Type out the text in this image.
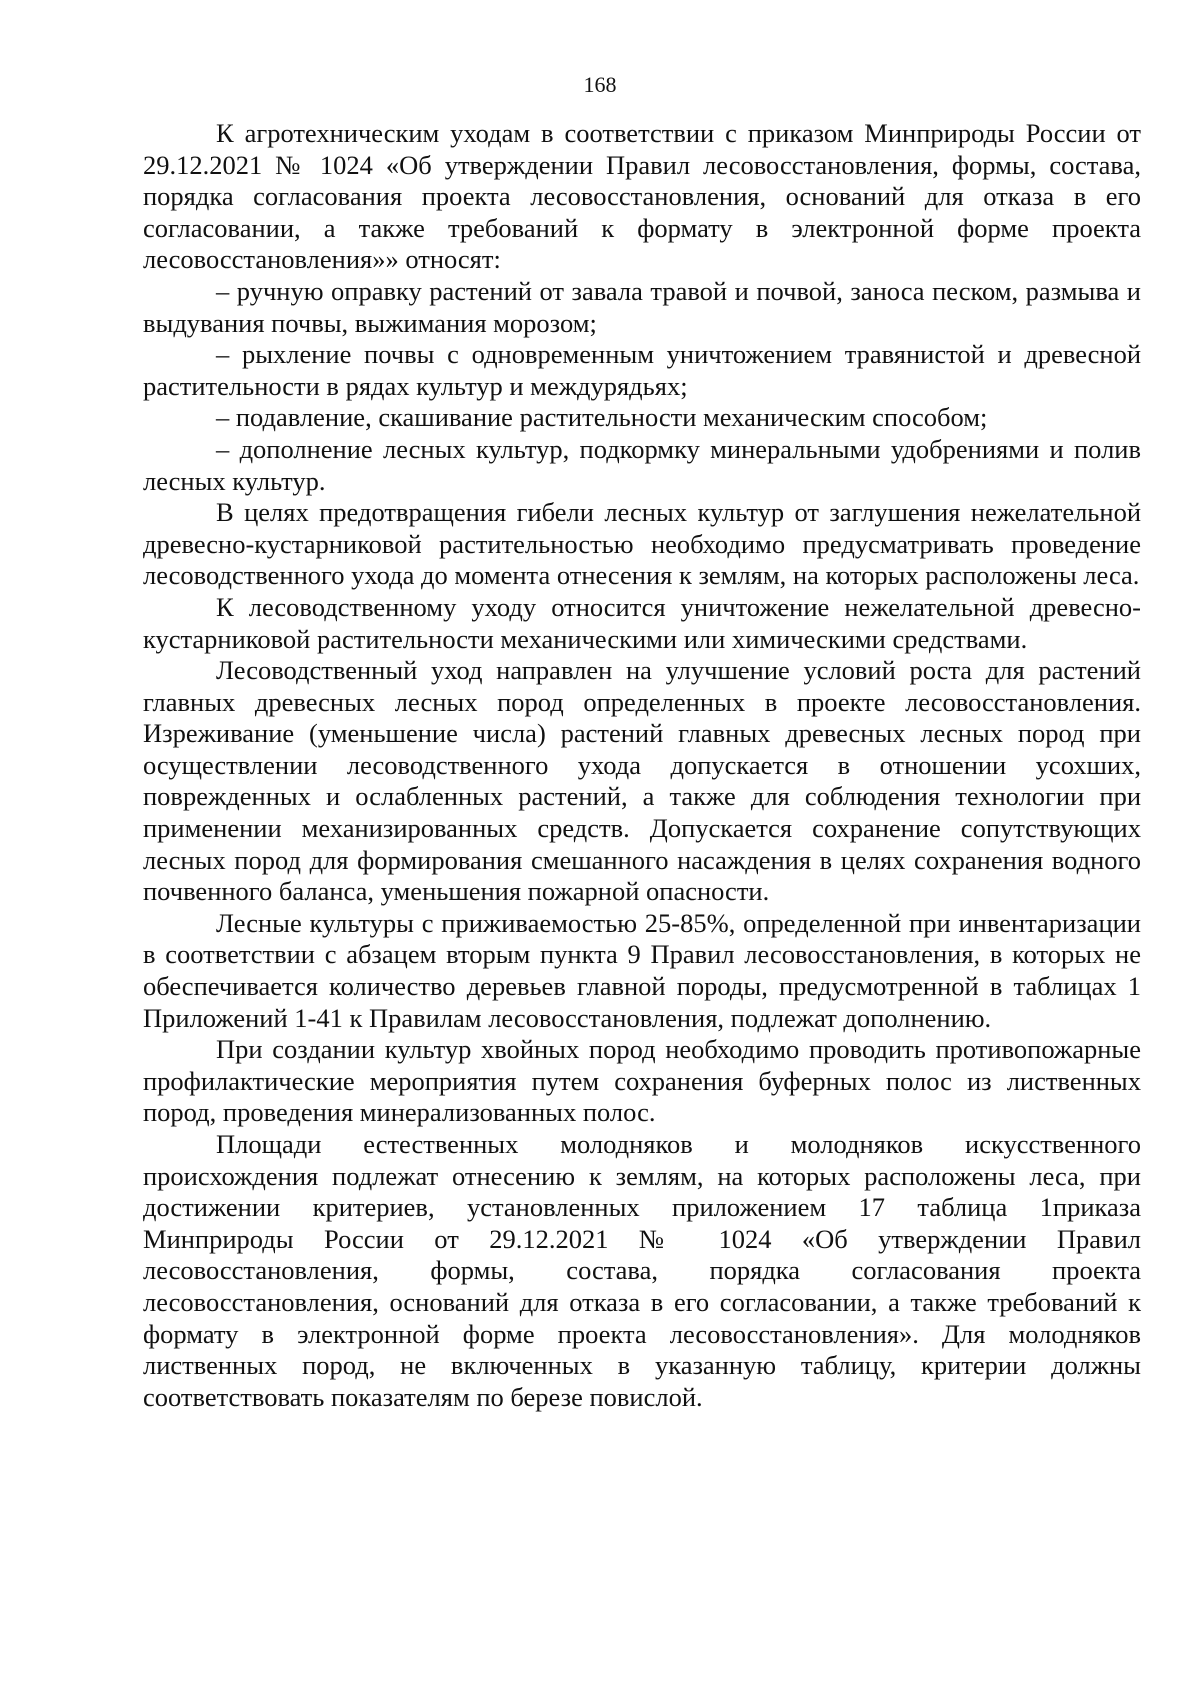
168

К агротехническим уходам в соответствии с приказом Минприроды России от 29.12.2021 № 1024 «Об утверждении Правил лесовосстановления, формы, состава, порядка согласования проекта лесовосстановления, оснований для отказа в его согласовании, а также требований к формату в электронной форме проекта лесовосстановления»» относят:

– ручную оправку растений от завала травой и почвой, заноса песком, размыва и выдувания почвы, выжимания морозом;

– рыхление почвы с одновременным уничтожением травянистой и древесной растительности в рядах культур и междурядьях;

– подавление, скашивание растительности механическим способом;

– дополнение лесных культур, подкормку минеральными удобрениями и полив лесных культур.

В целях предотвращения гибели лесных культур от заглушения нежелательной древесно-кустарниковой растительностью необходимо предусматривать проведение лесоводственного ухода до момента отнесения к землям, на которых расположены леса.

К лесоводственному уходу относится уничтожение нежелательной древесно-кустарниковой растительности механическими или химическими средствами.

Лесоводственный уход направлен на улучшение условий роста для растений главных древесных лесных пород определенных в проекте лесовосстановления. Изреживание (уменьшение числа) растений главных древесных лесных пород при осуществлении лесоводственного ухода допускается в отношении усохших, поврежденных и ослабленных растений, а также для соблюдения технологии при применении механизированных средств. Допускается сохранение сопутствующих лесных пород для формирования смешанного насаждения в целях сохранения водного почвенного баланса, уменьшения пожарной опасности.

Лесные культуры с приживаемостью 25-85%, определенной при инвентаризации в соответствии с абзацем вторым пункта 9 Правил лесовосстановления, в которых не обеспечивается количество деревьев главной породы, предусмотренной в таблицах 1 Приложений 1-41 к Правилам лесовосстановления, подлежат дополнению.

При создании культур хвойных пород необходимо проводить противопожарные профилактические мероприятия путем сохранения буферных полос из лиственных пород, проведения минерализованных полос.

Площади естественных молодняков и молодняков искусственного происхождения подлежат отнесению к землям, на которых расположены леса, при достижении критериев, установленных приложением 17 таблица 1приказа Минприроды России от 29.12.2021 № 1024 «Об утверждении Правил лесовосстановления, формы, состава, порядка согласования проекта лесовосстановления, оснований для отказа в его согласовании, а также требований к формату в электронной форме проекта лесовосстановления». Для молодняков лиственных пород, не включенных в указанную таблицу, критерии должны соответствовать показателям по березе повислой.
